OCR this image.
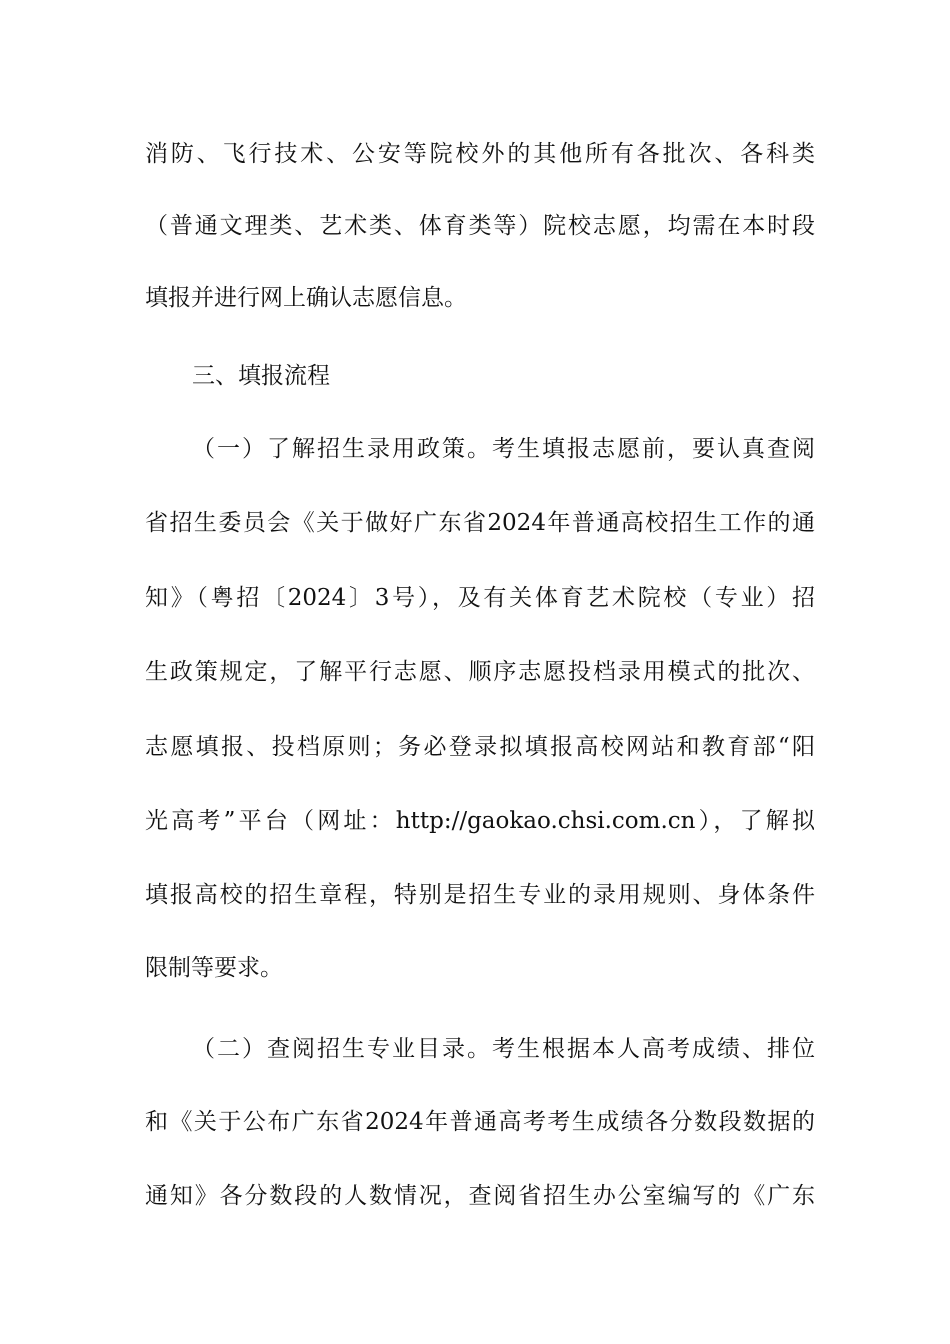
消防、飞行技术、公安等院校外的其他所有各批次、各科类
（普通文理类、艺术类、体育类等）院校志愿，均需在本时段
填报并进行网上确认志愿信息。
三、填报流程
（一）了解招生录用政策。考生填报志愿前，要认真查阅
省招生委员会《关于做好广东省2024年普通高校招生工作的通
知》（粤招〔2024〕3号），及有关体育艺术院校（专业）招
生政策规定，了解平行志愿、顺序志愿投档录用模式的批次、
志愿填报、投档原则；务必登录拟填报高校网站和教育部“阳
光高考”平台（网址：http://gaokao.chsi.com.cn），了解拟
填报高校的招生章程，特别是招生专业的录用规则、身体条件
限制等要求。
（二）查阅招生专业目录。考生根据本人高考成绩、排位
和《关于公布广东省2024年普通高考考生成绩各分数段数据的
通知》各分数段的人数情况，查阅省招生办公室编写的《广东
